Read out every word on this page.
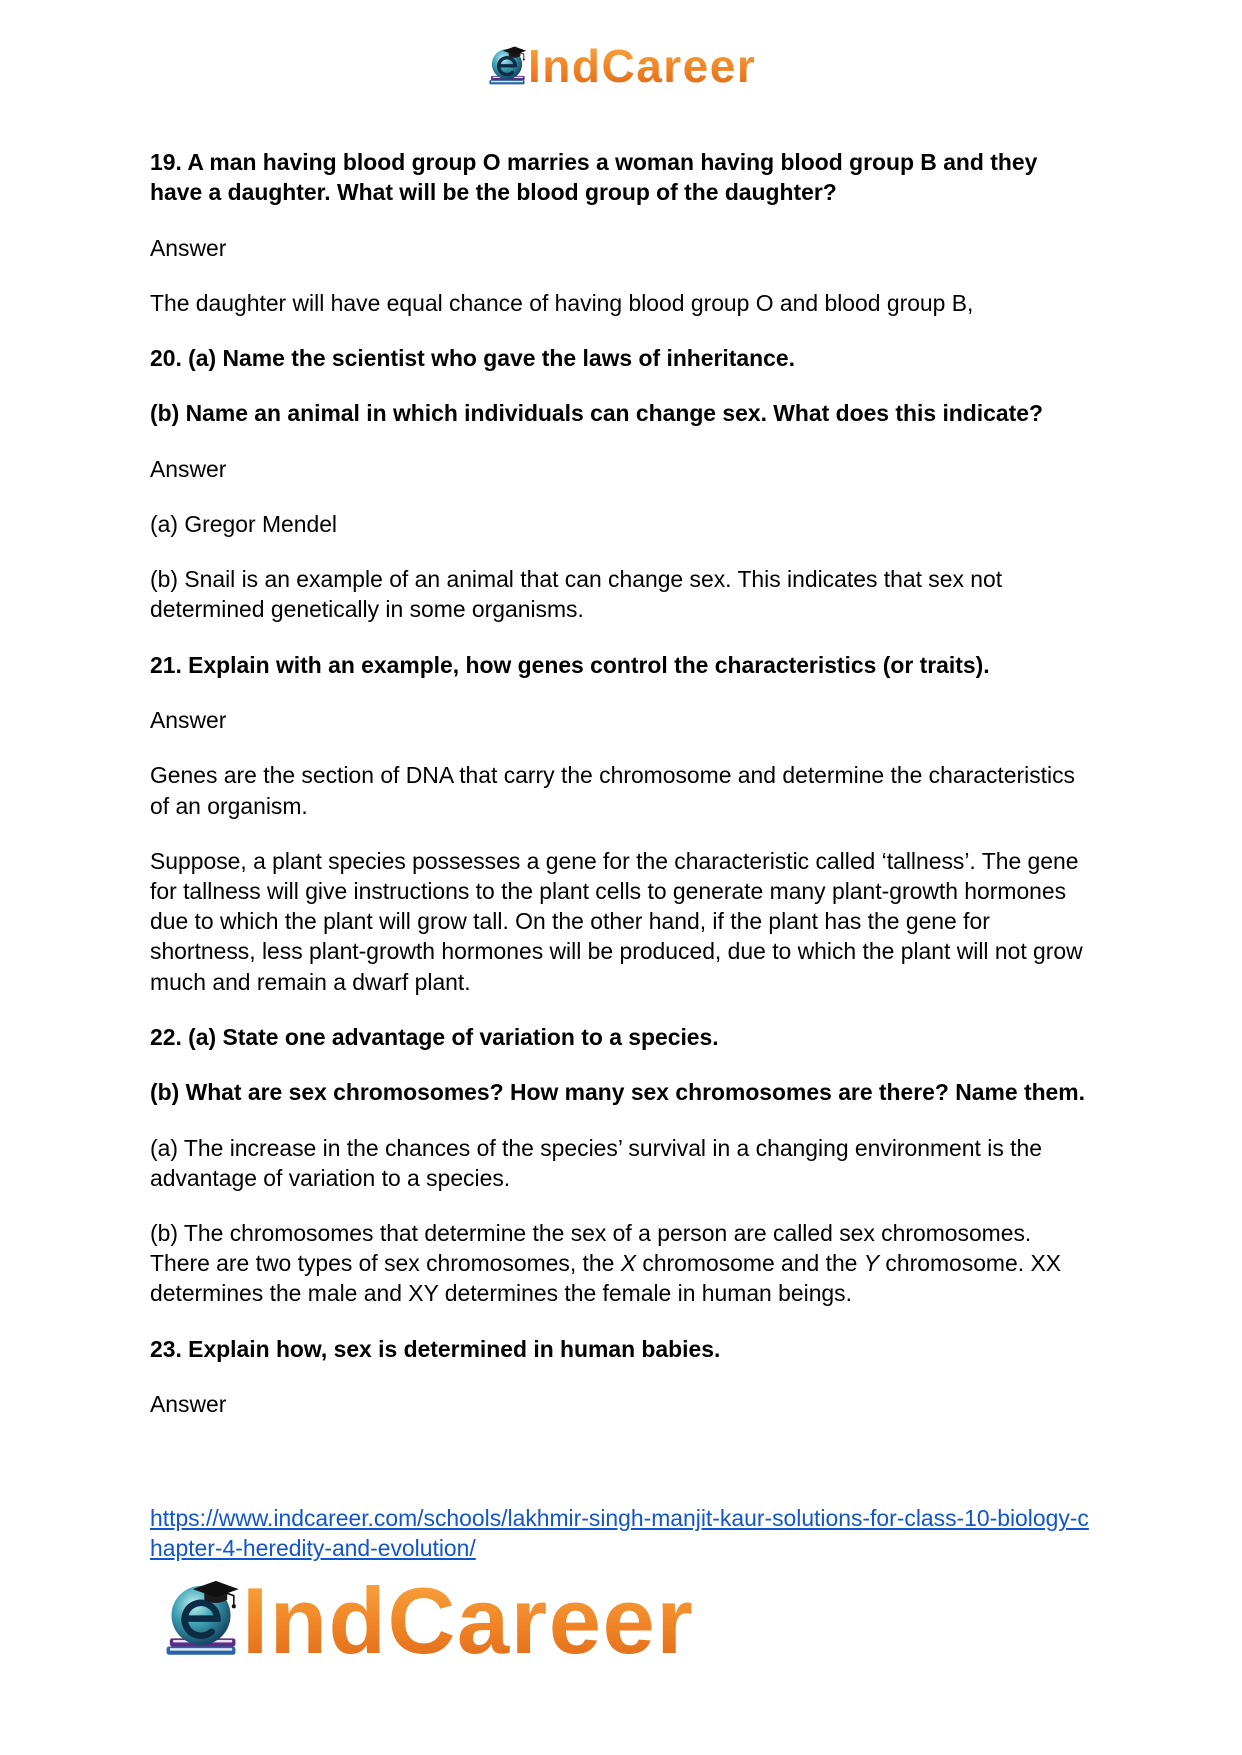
IndCareer

19. A man having blood group O marries a woman having blood group B and they have a daughter. What will be the blood group of the daughter?

Answer

The daughter will have equal chance of having blood group O and blood group B,

20. (a) Name the scientist who gave the laws of inheritance.

(b) Name an animal in which individuals can change sex. What does this indicate?

Answer

(a) Gregor Mendel

(b) Snail is an example of an animal that can change sex. This indicates that sex not determined genetically in some organisms.

21. Explain with an example, how genes control the characteristics (or traits).

Answer

Genes are the section of DNA that carry the chromosome and determine the characteristics of an organism.

Suppose, a plant species possesses a gene for the characteristic called ‘tallness’. The gene for tallness will give instructions to the plant cells to generate many plant-growth hormones due to which the plant will grow tall. On the other hand, if the plant has the gene for shortness, less plant-growth hormones will be produced, due to which the plant will not grow much and remain a dwarf plant.

22. (a) State one advantage of variation to a species.

(b) What are sex chromosomes? How many sex chromosomes are there? Name them.

(a) The increase in the chances of the species’ survival in a changing environment is the advantage of variation to a species.

(b) The chromosomes that determine the sex of a person are called sex chromosomes. There are two types of sex chromosomes, the X chromosome and the Y chromosome. XX determines the male and XY determines the female in human beings.

23. Explain how, sex is determined in human babies.

Answer

https://www.indcareer.com/schools/lakhmir-singh-manjit-kaur-solutions-for-class-10-biology-chapter-4-heredity-and-evolution/
IndCareer
